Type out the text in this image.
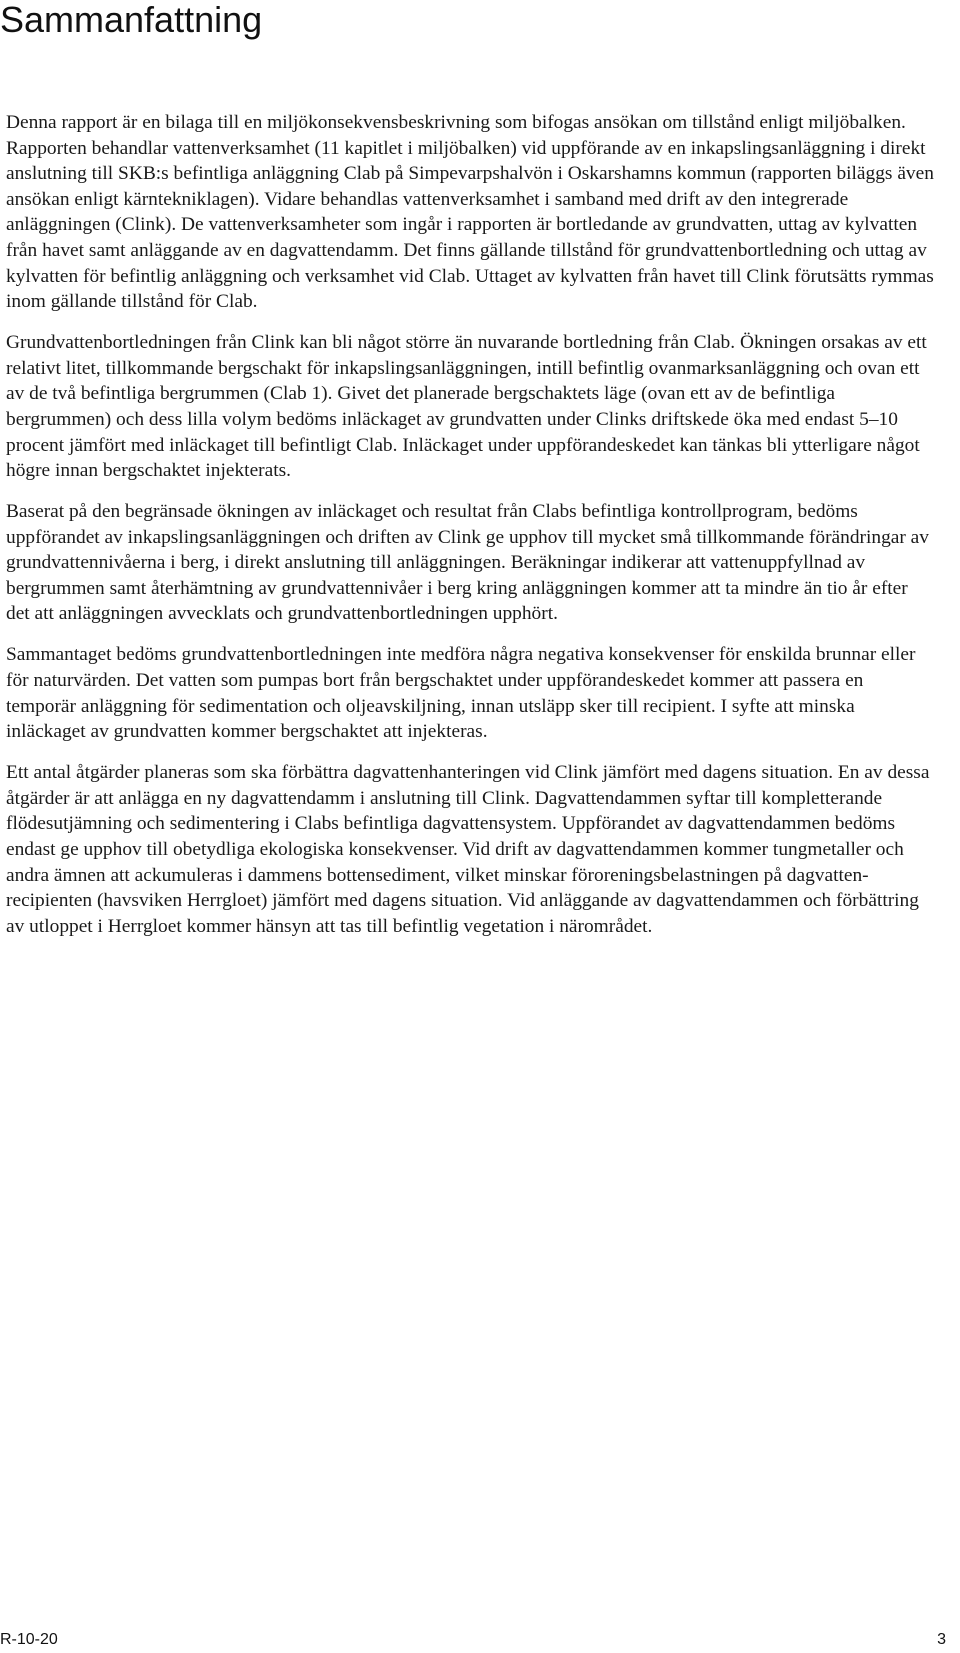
Sammanfattning

Denna rapport är en bilaga till en miljökonsekvensbeskrivning som bifogas ansökan om tillstånd enligt miljöbalken. Rapporten behandlar vattenverksamhet (11 kapitlet i miljöbalken) vid uppförande av en inkapslingsanläggning i direkt anslutning till SKB:s befintliga anläggning Clab på Simpevarpshalvön i Oskarshamns kommun (rapporten biläggs även ansökan enligt kärntekniklagen). Vidare behandlas vattenverksamhet i samband med drift av den integrerade anläggningen (Clink). De vattenverksamheter som ingår i rapporten är bortledande av grundvatten, uttag av kylvatten från havet samt anläggande av en dagvattendamm. Det finns gällande tillstånd för grundvattenbortledning och uttag av kylvatten för befintlig anläggning och verksamhet vid Clab. Uttaget av kylvatten från havet till Clink förutsätts rymmas inom gällande tillstånd för Clab.

Grundvattenbortledningen från Clink kan bli något större än nuvarande bortledning från Clab. Ökningen orsakas av ett relativt litet, tillkommande bergschakt för inkapslingsanläggningen, intill befintlig ovanmarksanläggning och ovan ett av de två befintliga bergrummen (Clab 1). Givet det planerade bergschaktets läge (ovan ett av de befintliga bergrummen) och dess lilla volym bedöms inläckaget av grundvatten under Clinks driftskede öka med endast 5–10 procent jämfört med inläckaget till befintligt Clab. Inläckaget under uppförandeskedet kan tänkas bli ytterligare något högre innan bergschaktet injekterats.

Baserat på den begränsade ökningen av inläckaget och resultat från Clabs befintliga kontrollprogram, bedöms uppförandet av inkapslingsanläggningen och driften av Clink ge upphov till mycket små tillkommande förändringar av grundvattennivåerna i berg, i direkt anslutning till anläggningen. Beräkningar indikerar att vattenuppfyllnad av bergrummen samt återhämtning av grundvattennivåer i berg kring anläggningen kommer att ta mindre än tio år efter det att anläggningen avvecklats och grundvattenbortledningen upphört.

Sammantaget bedöms grundvattenbortledningen inte medföra några negativa konsekvenser för enskilda brunnar eller för naturvärden. Det vatten som pumpas bort från bergschaktet under uppförandeskedet kommer att passera en temporär anläggning för sedimentation och oljeavskiljning, innan utsläpp sker till recipient. I syfte att minska inläckaget av grundvatten kommer bergschaktet att injekteras.

Ett antal åtgärder planeras som ska förbättra dagvattenhanteringen vid Clink jämfört med dagens situation. En av dessa åtgärder är att anlägga en ny dagvattendamm i anslutning till Clink. Dagvattendammen syftar till kompletterande flödesutjämning och sedimentering i Clabs befintliga dagvattensystem. Uppförandet av dagvattendammen bedöms endast ge upphov till obetydliga ekologiska konsekvenser. Vid drift av dagvattendammen kommer tungmetaller och andra ämnen att ackumuleras i dammens bottensediment, vilket minskar föroreningsbelastningen på dagvattenrecipienten (havsviken Herrgloet) jämfört med dagens situation. Vid anläggande av dagvattendammen och förbättring av utloppet i Herrgloet kommer hänsyn att tas till befintlig vegetation i närområdet.

R-10-20	3
